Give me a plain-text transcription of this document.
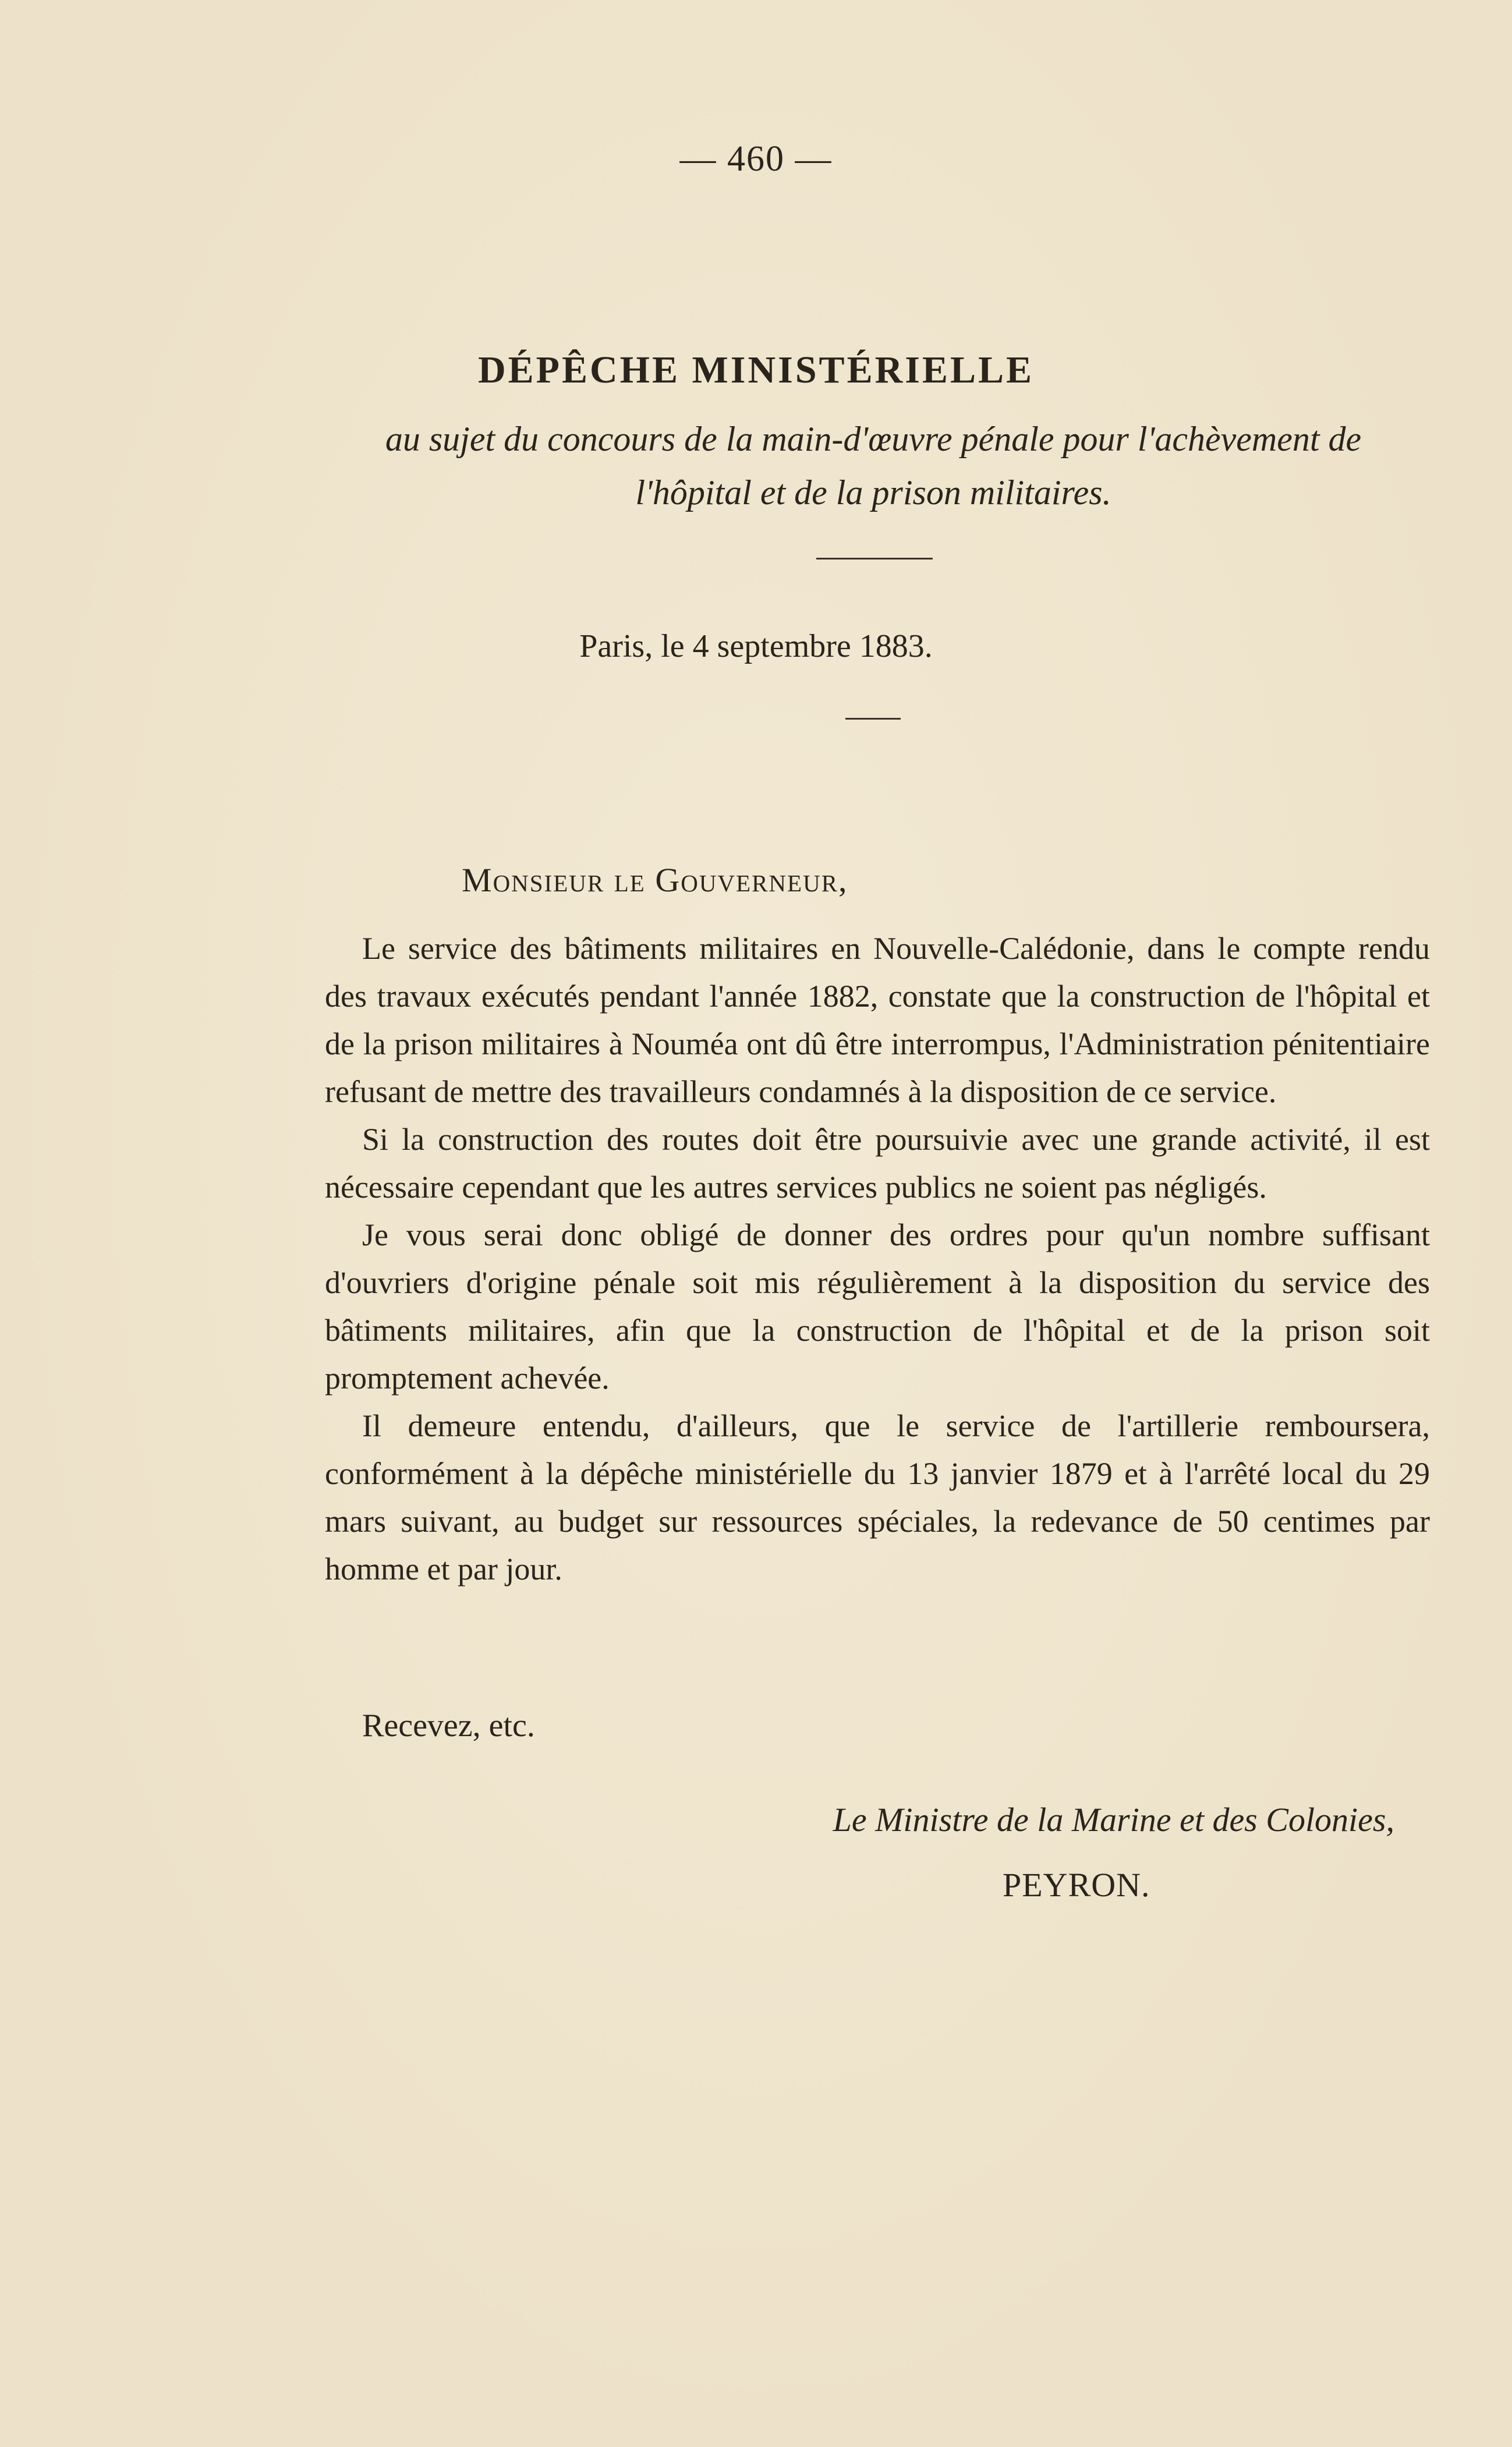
— 460 —
DÉPÊCHE MINISTÉRIELLE
au sujet du concours de la main-d'œuvre pénale pour l'achèvement de l'hôpital et de la prison militaires.
Paris, le 4 septembre 1883.
Monsieur le Gouverneur,

Le service des bâtiments militaires en Nouvelle-Calédonie, dans le compte rendu des travaux exécutés pendant l'année 1882, constate que la construction de l'hôpital et de la prison militaires à Nouméa ont dû être interrompus, l'Administration pénitentiaire refusant de mettre des travailleurs condamnés à la disposition de ce service.

Si la construction des routes doit être poursuivie avec une grande activité, il est nécessaire cependant que les autres services publics ne soient pas négligés.

Je vous serai donc obligé de donner des ordres pour qu'un nombre suffisant d'ouvriers d'origine pénale soit mis régulièrement à la disposition du service des bâtiments militaires, afin que la construction de l'hôpital et de la prison soit promptement achevée.

Il demeure entendu, d'ailleurs, que le service de l'artillerie remboursera, conformément à la dépêche ministérielle du 13 janvier 1879 et à l'arrêté local du 29 mars suivant, au budget sur ressources spéciales, la redevance de 50 centimes par homme et par jour.

Recevez, etc.
Le Ministre de la Marine et des Colonies,
PEYRON.
